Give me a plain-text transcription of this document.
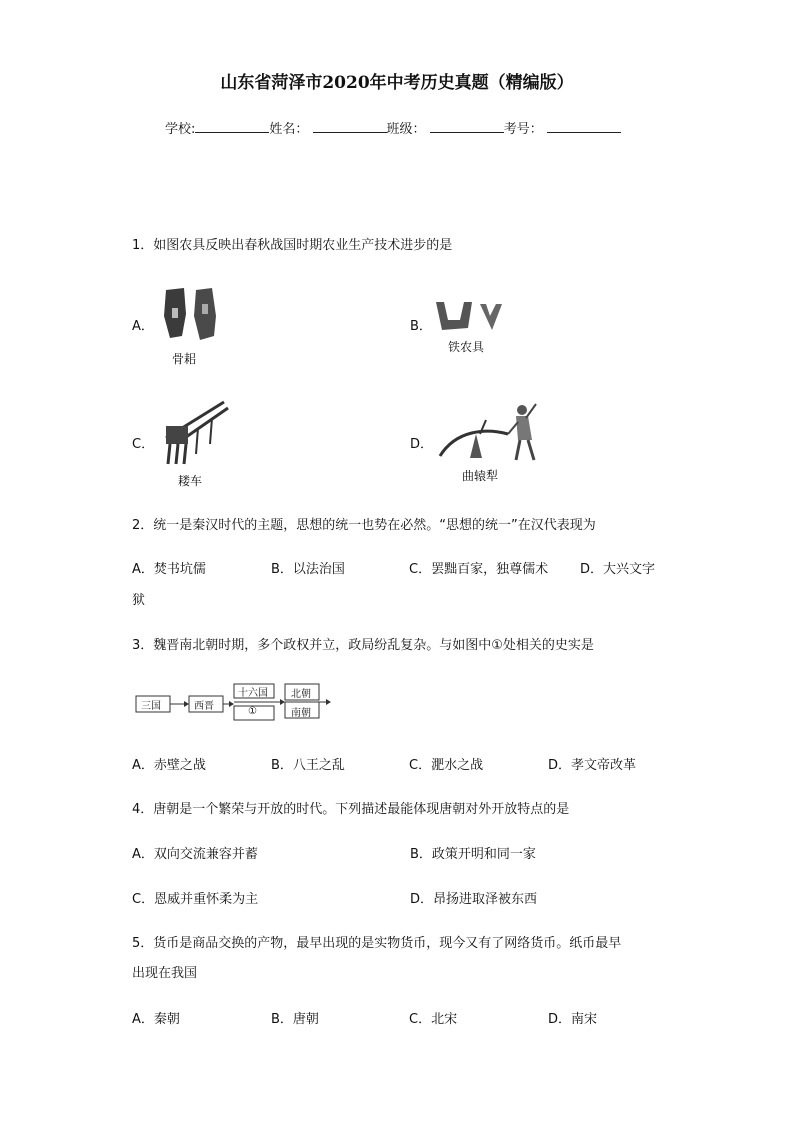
山东省菏泽市2020年中考历史真题（精编版）
学校:	姓名：	班级：	考号：
1．如图农具反映出春秋战国时期农业生产技术进步的是
A．
骨耜
B．
铁农具
C．
耧车
D．
曲辕犁
2．统一是秦汉时代的主题，思想的统一也势在必然。“思想的统一”在汉代表现为
A．焚书坑儒	B．以法治国	C．罢黜百家，独尊儒术 D．大兴文字
狱
3．魏晋南北朝时期，多个政权并立，政局纷乱复杂。与如图中①处相关的史实是
三国	西晋
十六国
①
北朝
南朝
A．赤壁之战	B．八王之乱	C．淝水之战	D．孝文帝改革
4．唐朝是一个繁荣与开放的时代。下列描述最能体现唐朝对外开放特点的是
A．双向交流兼容并蓄	B．政策开明和同一家
C．恩威并重怀柔为主	D．昂扬进取泽被东西
5．货币是商品交换的产物，最早出现的是实物货币，现今又有了网络货币。纸币最早
出现在我国
A．秦朝	B．唐朝	C．北宋	D．南宋
